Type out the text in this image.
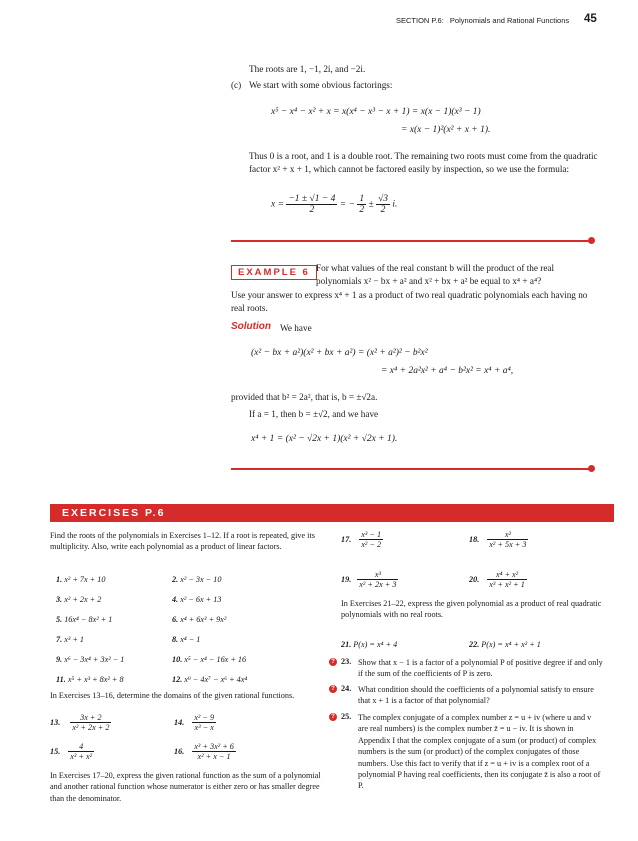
SECTION P.6: Polynomials and Rational Functions 45
The roots are 1, −1, 2i, and −2i.
(c) We start with some obvious factorings:
x⁵ − x⁴ − x² + x = x(x⁴ − x³ − x + 1) = x(x − 1)(x³ − 1)
= x(x − 1)²(x² + x + 1).
Thus 0 is a root, and 1 is a double root. The remaining two roots must come from the quadratic factor x² + x + 1, which cannot be factored easily by inspection, so we use the formula:
$x = \frac{-1 \pm √1 - 4}{2}$ = − $\frac{1}{2} \pm \frac{√3}{2} i$.
EXAMPLE 6 For what values of the real constant b will the product of the real
polynomials x² − bx + a² and x² + bx + a² be equal to x⁴ + a⁴?
Use your answer to express x⁴ + 1 as a product of two real quadratic polynomials each having no real roots.
Solution We have
(x² − bx + a²)(x² + bx + a²) = (x² + a²)² − b²x²
= x⁴ + 2a²x² + a⁴ − b²x² = x⁴ + a⁴,
provided that b² = 2a², that is, b = ±√2a.
If a = 1, then b = ±√2, and we have
x⁴ + 1 = (x² − √2x + 1)(x² + √2x + 1).
EXERCISES P.6
Find the roots of the polynomials in Exercises 1–12. If a root is repeated, give its multiplicity. Also, write each polynomial as a product of linear factors.
1. x² + 7x + 10	2. x² − 3x − 10
3. x² + 2x + 2	4. x² − 6x + 13
5. 16x⁴ − 8x² + 1	6. x⁴ + 6x³ + 9x²
7. x³ + 1	8. x⁴ − 1
9. x⁶ − 3x⁴ + 3x² − 1	10. x⁵ − x⁴ − 16x + 16
11. x⁵ + x³ + 8x² + 8	12. x⁹ − 4x⁷ − x⁶ + 4x⁴
In Exercises 13–16, determine the domains of the given rational functions.
13. $\frac{3x + 2}{\text{x² + 2x + 2}}$	14. $\frac{\text{x² − 9}}{\text{x³ − x}}$
15. $\frac{4}{\text{x³ + x²}}$	16. $\frac{\text{x³ + 3x² + 6}}{\text{x² + x − 1}}$
In Exercises 17–20, express the given rational function as the sum of a polynomial and another rational function whose numerator is either zero or has smaller degree than the denominator.
17. $\frac{\text{x³ − 1}}{\text{x² − 2}}$	18. $\frac{\text{x²}}{\text{x² + 5x + 3}}$
19. $\frac{\text{x³}}{\text{x² + 2x + 3}}$	20. $\frac{\text{x⁴ + x²}}{\text{x³ + x² + 1}}$
In Exercises 21–22, express the given polynomial as a product of real quadratic polynomials with no real roots.
21. P(x) = x⁴ + 4	22. P(x) = x⁴ + x² + 1
? 23. Show that x − 1 is a factor of a polynomial P of positive degree if and only if the sum of the coefficients of P is zero.
? 24. What condition should the coefficients of a polynomial satisfy to ensure that x + 1 is a factor of that polynomial?
? 25. The complex conjugate of a complex number z = u + iv (where u and v are real numbers) is the complex number z̄ = u − iv. It is shown in Appendix I that the complex conjugate of a sum (or product) of complex numbers is the sum (or product) of the complex conjugates of those numbers. Use this fact to verify that if z = u + iv is a complex root of a polynomial P having real coefficients, then its conjugate z̄ is also a root of P.
